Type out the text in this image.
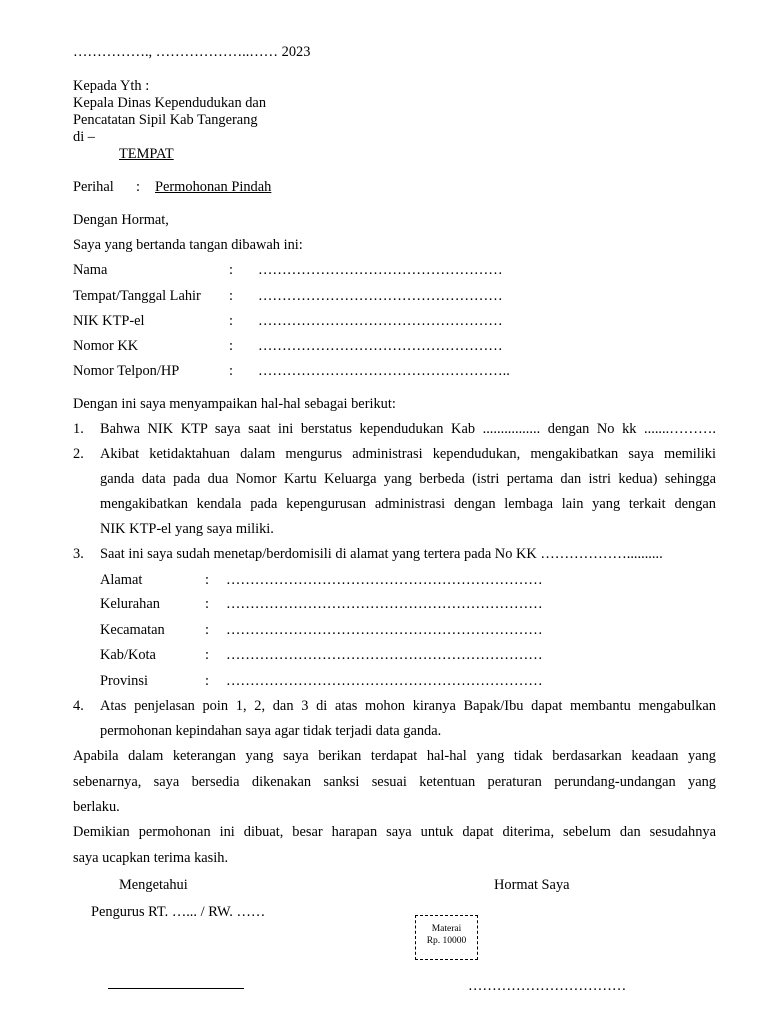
……………., ………………..…… 2023
Kepada Yth :
Kepala Dinas Kependudukan dan
Pencatatan Sipil Kab Tangerang
di –
TEMPAT
Perihal : Permohonan Pindah
Dengan Hormat,
Saya yang bertanda tangan dibawah ini:
Nama	: ……………………………………………
Tempat/Tanggal Lahir : ……………………………………………
NIK KTP-el	: ……………………………………………
Nomor KK	: ……………………………………………
Nomor Telpon/HP	: ……………………………………………..
Dengan ini saya menyampaikan hal-hal sebagai berikut:
1. Bahwa NIK KTP saya saat ini berstatus kependudukan Kab ................ dengan No kk .......……….
2. Akibat ketidaktahuan dalam mengurus administrasi kependudukan, mengakibatkan saya memiliki
ganda data pada dua Nomor Kartu Keluarga yang berbeda (istri pertama dan istri kedua) sehingga
mengakibatkan kendala pada kepengurusan administrasi dengan lembaga lain yang terkait dengan
NIK KTP-el yang saya miliki.
3. Saat ini saya sudah menetap/berdomisili di alamat yang tertera pada No KK ………………..........
Alamat	: …………………………………………………………
Kelurahan	: …………………………………………………………
Kecamatan	: …………………………………………………………
Kab/Kota	: …………………………………………………………
Provinsi	: …………………………………………………………
4. Atas penjelasan poin 1, 2, dan 3 di atas mohon kiranya Bapak/Ibu dapat membantu mengabulkan
permohonan kepindahan saya agar tidak terjadi data ganda.
Apabila dalam keterangan yang saya berikan terdapat hal-hal yang tidak berdasarkan keadaan yang
sebenarnya, saya bersedia dikenakan sanksi sesuai ketentuan peraturan perundang-undangan yang
berlaku.
Demikian permohonan ini dibuat, besar harapan saya untuk dapat diterima, sebelum dan sesudahnya
saya ucapkan terima kasih.
Mengetahui	Hormat Saya
Pengurus RT. …... / RW. ……
Materai
Rp. 10000
……………………………
